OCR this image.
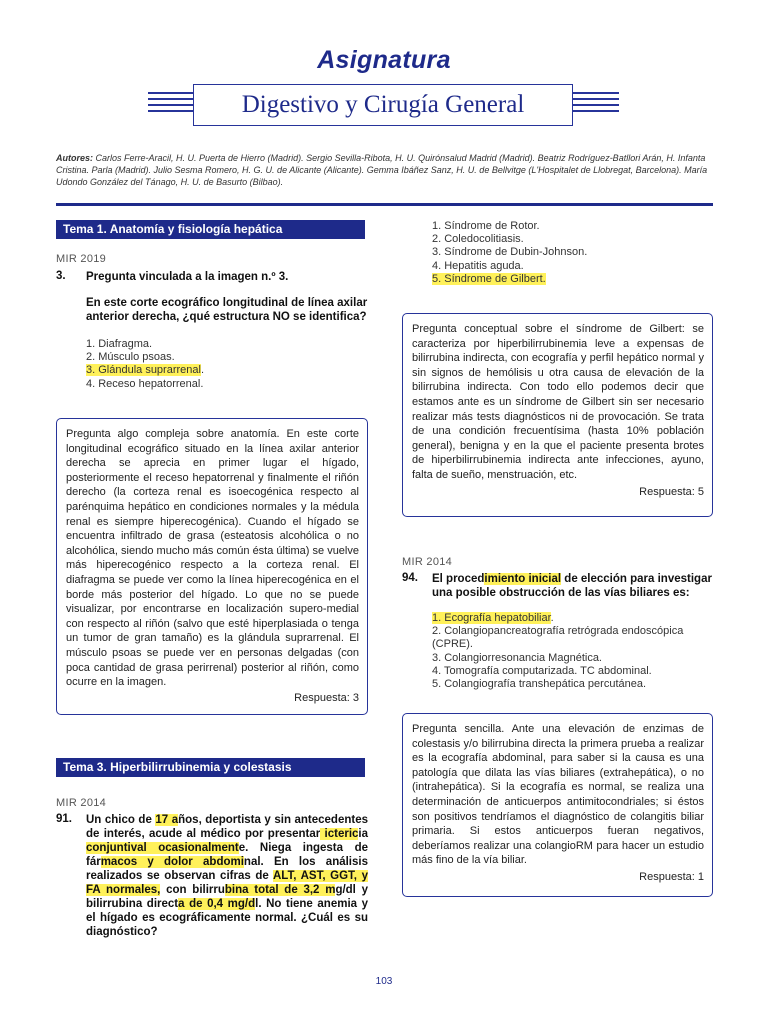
Asignatura
Digestivo y Cirugía General
Autores: Carlos Ferre-Aracil, H. U. Puerta de Hierro (Madrid). Sergio Sevilla-Ribota, H. U. Quirónsalud Madrid (Madrid). Beatriz Rodríguez-Batllori Arán, H. Infanta Cristina. Parla (Madrid). Julio Sesma Romero, H. G. U. de Alicante (Alicante). Gemma Ibáñez Sanz, H. U. de Bellvitge (L'Hospitalet de Llobregat, Barcelona). María Udondo González del Tánago, H. U. de Basurto (Bilbao).
Tema 1. Anatomía y fisiología hepática
MIR 2019
3. Pregunta vinculada a la imagen n.º 3.
En este corte ecográfico longitudinal de línea axilar anterior derecha, ¿qué estructura NO se identifica?
1. Diafragma.
2. Músculo psoas.
3. Glándula suprarrenal.
4. Receso hepatorrenal.
Pregunta algo compleja sobre anatomía. En este corte longitudinal ecográfico situado en la línea axilar anterior derecha se aprecia en primer lugar el hígado, posteriormente el receso hepatorrenal y finalmente el riñón derecho (la corteza renal es isoecogénica respecto al parénquima hepático en condiciones normales y la médula renal es siempre hiperecogénica). Cuando el hígado se encuentra infiltrado de grasa (esteatosis alcohólica o no alcohólica, siendo mucho más común ésta última) se vuelve más hiperecogénico respecto a la corteza renal. El diafragma se puede ver como la línea hiperecogénica en el borde más posterior del hígado. Lo que no se puede visualizar, por encontrarse en localización supero-medial con respecto al riñón (salvo que esté hiperplasiada o tenga un tumor de gran tamaño) es la glándula suprarrenal. El músculo psoas se puede ver en personas delgadas (con poca cantidad de grasa perirrenal) posterior al riñón, como ocurre en la imagen.
Respuesta: 3
Tema 3. Hiperbilirrubinemia y colestasis
MIR 2014
91. Un chico de 17 años, deportista y sin antecedentes de interés, acude al médico por presentar ictericia conjuntival ocasionalmente. Niega ingesta de fármacos y dolor abdominal. En los análisis realizados se observan cifras de ALT, AST, GGT, y FA normales, con bilirrubina total de 3,2 mg/dl y bilirrubina directa de 0,4 mg/dl. No tiene anemia y el hígado es ecográficamente normal. ¿Cuál es su diagnóstico?
1. Síndrome de Rotor.
2. Coledocolitiasis.
3. Síndrome de Dubin-Johnson.
4. Hepatitis aguda.
5. Síndrome de Gilbert.
Pregunta conceptual sobre el síndrome de Gilbert: se caracteriza por hiperbilirrubinemia leve a expensas de bilirrubina indirecta, con ecografía y perfil hepático normal y sin signos de hemólisis u otra causa de elevación de la bilirrubina indirecta. Con todo ello podemos decir que estamos ante es un síndrome de Gilbert sin ser necesario realizar más tests diagnósticos ni de provocación. Se trata de una condición frecuentísima (hasta 10% población general), benigna y en la que el paciente presenta brotes de hiperbilirrubinemia indirecta ante infecciones, ayuno, falta de sueño, menstruación, etc.
Respuesta: 5
MIR 2014
94. El procedimiento inicial de elección para investigar una posible obstrucción de las vías biliares es:
1. Ecografía hepatobiliar.
2. Colangiopancreatografía retrógrada endoscópica (CPRE).
3. Colangiorresonancia Magnética.
4. Tomografía computarizada. TC abdominal.
5. Colangiografía transhepática percutánea.
Pregunta sencilla. Ante una elevación de enzimas de colestasis y/o bilirrubina directa la primera prueba a realizar es la ecografía abdominal, para saber si la causa es una patología que dilata las vías biliares (extrahepática), o no (intrahepática). Si la ecografía es normal, se realiza una determinación de anticuerpos antimitocondriales; si éstos son positivos tendríamos el diagnóstico de colangitis biliar primaria. Si estos anticuerpos fueran negativos, deberíamos realizar una colangioRM para hacer un estudio más fino de la vía biliar.
Respuesta: 1
103
